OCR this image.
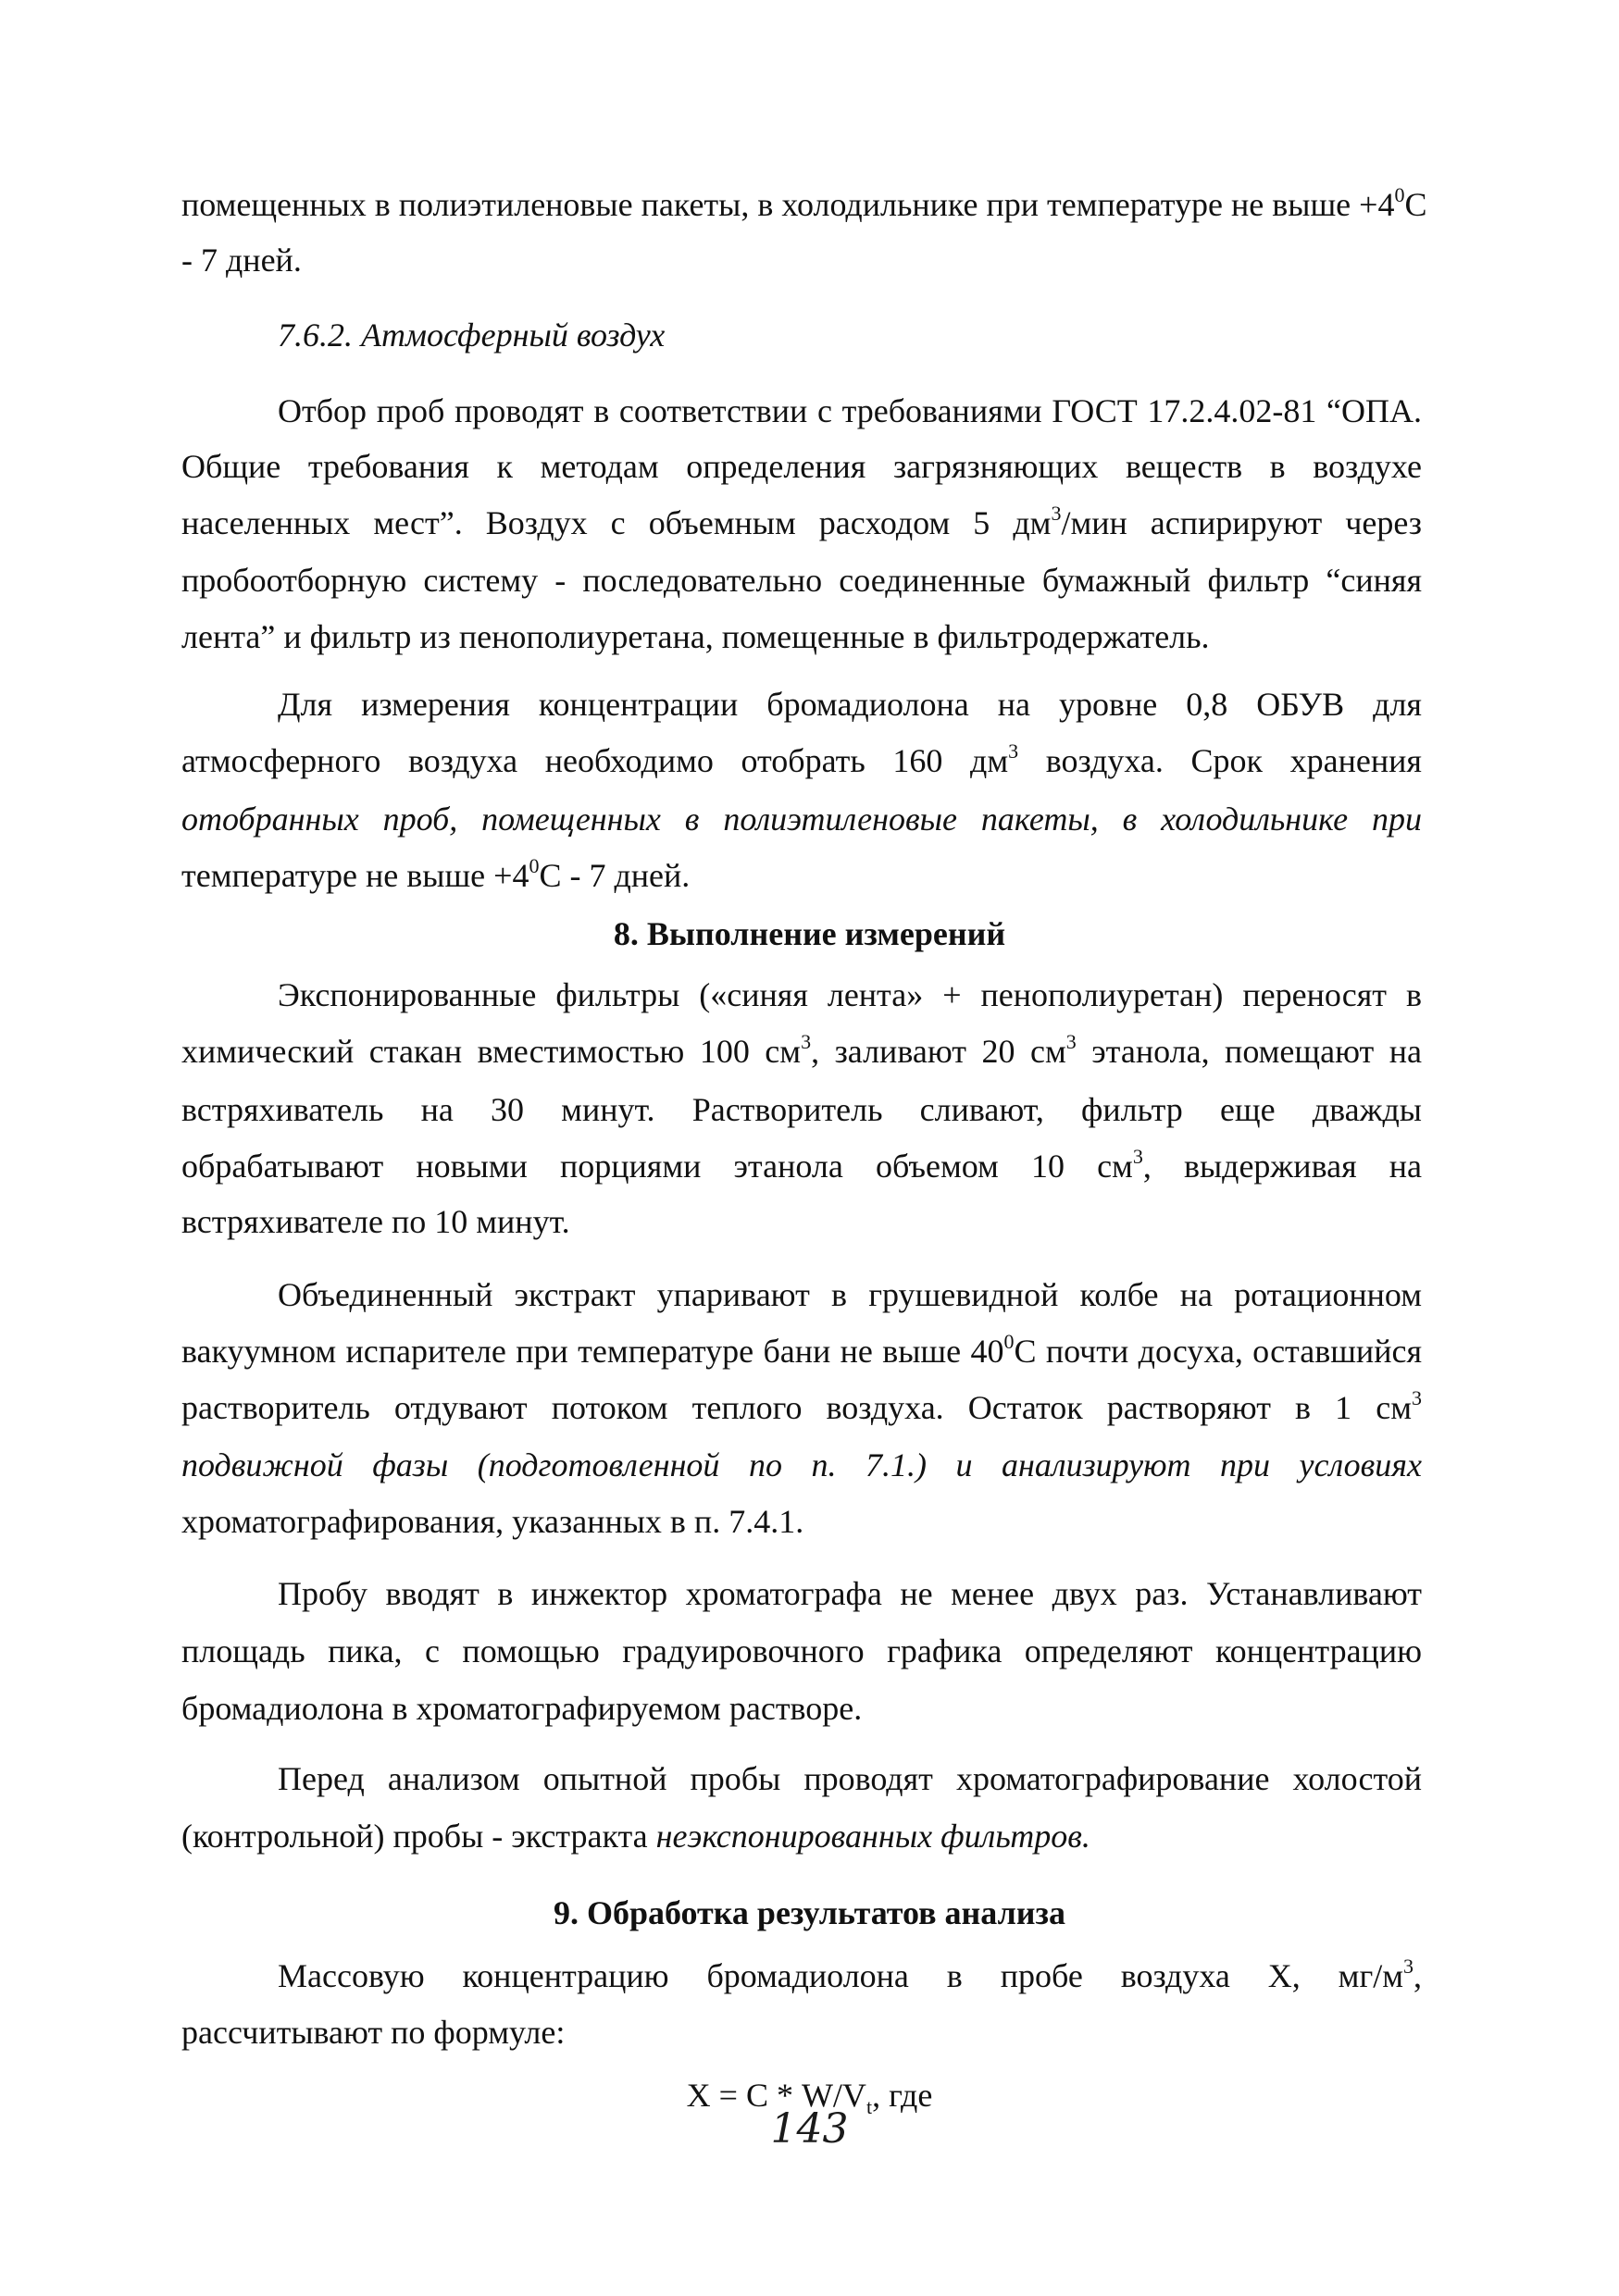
помещенных в полиэтиленовые пакеты, в холодильнике при температуре не выше $+4^0С$
- 7 дней.
7.6.2. Атмосферный воздух
Отбор проб проводят в соответствии с требованиями ГОСТ 17.2.4.02-81 “ОПА.
Общие требования к методам определения загрязняющих веществ в воздухе
населенных мест”. Воздух с объемным расходом 5 $дм^3$/мин аспирируют через
пробоотборную систему - последовательно соединенные бумажный фильтр “синяя
лента” и фильтр из пенополиуретана, помещенные в фильтродержатель.
Для измерения концентрации бромадиолона на уровне 0,8 ОБУВ для
атмосферного воздуха необходимо отобрать 160 $дм^3$ воздуха. Срок хранения
отобранных проб, помещенных в полиэтиленовые пакеты, в холодильнике при
температуре не выше $+4^0С - 7$ дней.
8. Выполнение измерений
Экспонированные фильтры («синяя лента» + пенополиуретан) переносят в
химический стакан вместимостью 100 $см^3$, заливают 20 $см^3$ этанола, помещают на
встряхиватель на 30 минут. Растворитель сливают, фильтр еще дважды
обрабатывают новыми порциями этанола объемом 10 $см^3$, выдерживая на
встряхивателе по 10 минут.
Объединенный экстракт упаривают в грушевидной колбе на ротационном
вакуумном испарителе при температуре бани не выше $40^0С$ почти досуха, оставшийся
растворитель отдувают потоком теплого воздуха. Остаток растворяют в 1 $см^3$
подвижной фазы (подготовленной по п. 7.1.) и анализируют при условиях
хроматографирования, указанных в п. 7.4.1.
Пробу вводят в инжектор хроматографа не менее двух раз. Устанавливают
площадь пика, с помощью градуировочного графика определяют концентрацию
бромадиолона в хроматографируемом растворе.
Перед анализом опытной пробы проводят хроматографирование холостой
(контрольной) пробы - экстракта неэкспонированных фильтров.
9. Обработка результатов анализа
Массовую концентрацию бромадиолона в пробе воздуха Х, $мг/м^3$,
рассчитывают по формуле:
$Х = С * W/V_t$, где
143
